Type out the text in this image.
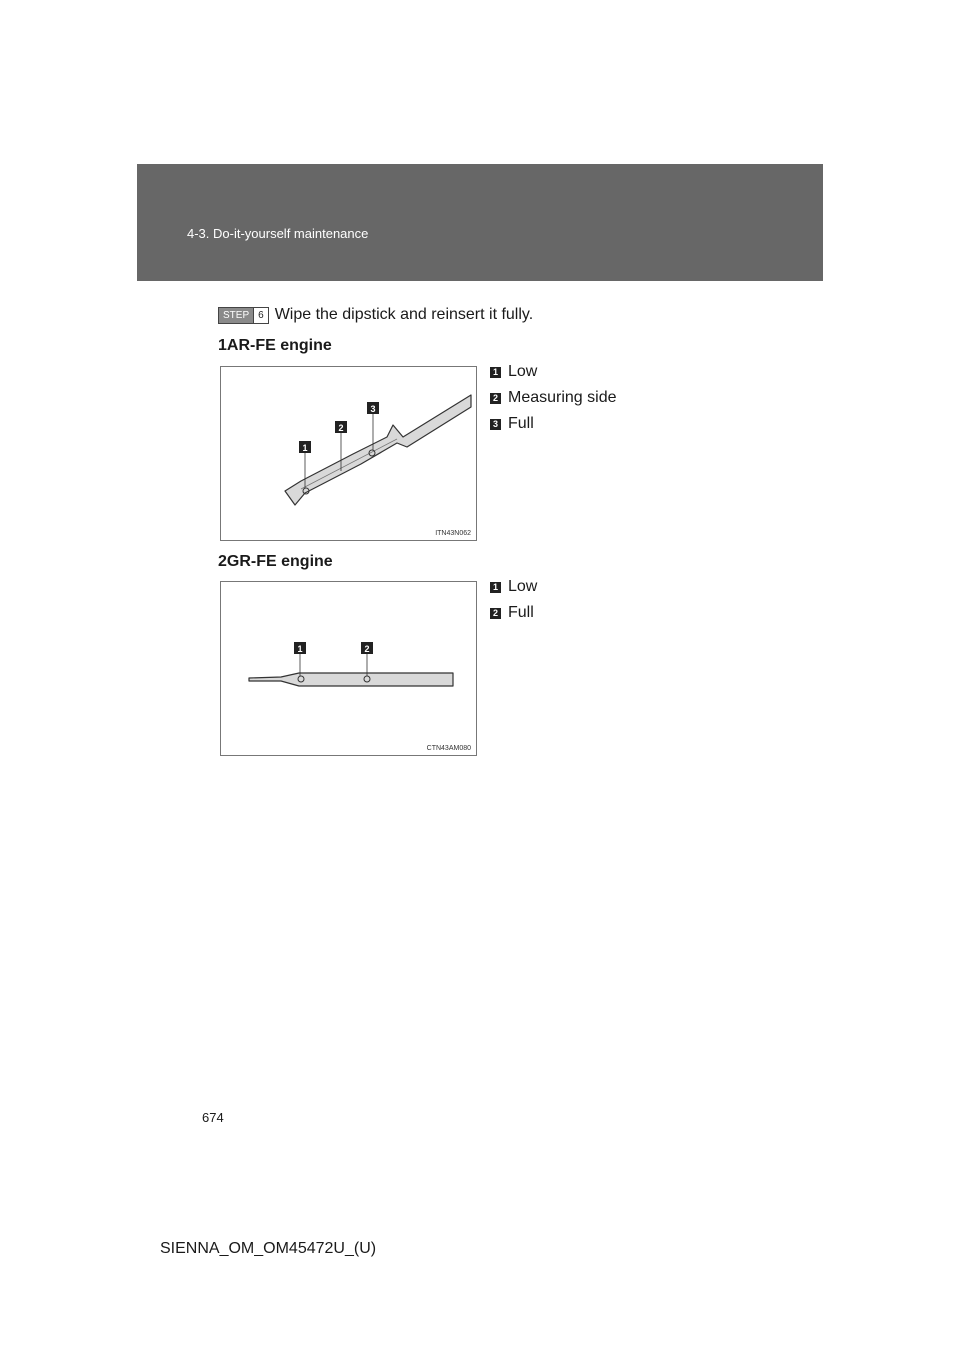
4-3. Do-it-yourself maintenance
STEP 6 Wipe the dipstick and reinsert it fully.
1AR-FE engine
1
2
3
ITN43N062
1 Low
2 Measuring side
3 Full
2GR-FE engine
1	2
CTN43AM080
1 Low
2 Full
674
SIENNA_OM_OM45472U_(U)
